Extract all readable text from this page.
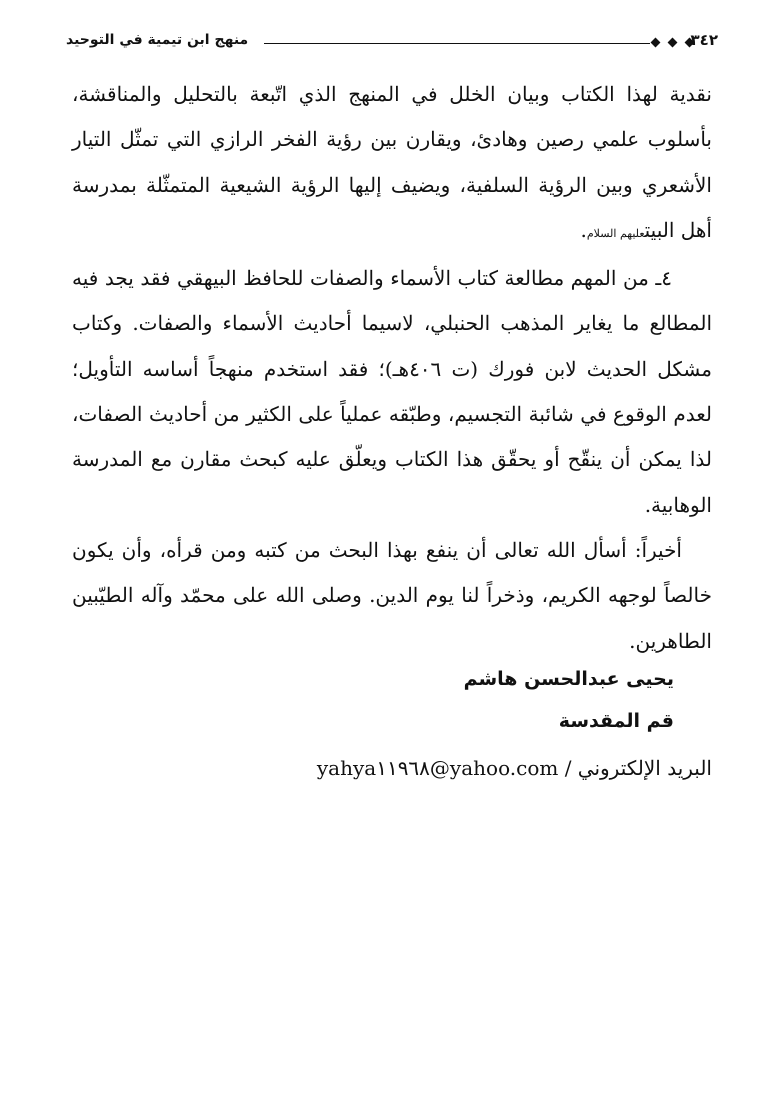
منهج ابن تيمية في التوحيد	٣٤٢

نقدية لهذا الكتاب وبيان الخلل في المنهج الذي اتّبعة بالتحليل والمناقشة، بأسلوب علمي رصين وهادئ، ويقارن بين رؤية الفخر الرازي التي تمثّل التيار الأشعري وبين الرؤية السلفية، ويضيف إليها الرؤية الشيعية المتمثّلة بمدرسة أهل البيتعليهم السلام.

٤ـ من المهم مطالعة كتاب الأسماء والصفات للحافظ البيهقي فقد يجد فيه المطالع ما يغاير المذهب الحنبلي، لاسيما أحاديث الأسماء والصفات. وكتاب مشكل الحديث لابن فورك (ت ٤٠٦هـ)؛ فقد استخدم منهجاً أساسه التأويل؛ لعدم الوقوع في شائبة التجسيم، وطبّقه عملياً على الكثير من أحاديث الصفات، لذا يمكن أن ينقّح أو يحقّق هذا الكتاب ويعلّق عليه كبحث مقارن مع المدرسة الوهابية.

أخيراً: أسأل الله تعالى أن ينفع بهذا البحث من كتبه ومن قرأه، وأن يكون خالصاً لوجهه الكريم، وذخراً لنا يوم الدين. وصلى الله على محمّد وآله الطيّبين الطاهرين.

يحيى عبدالحسن هاشم
قم المقدسة
البريد الإلكتروني / yahya١١٩٦٨@yahoo.com
